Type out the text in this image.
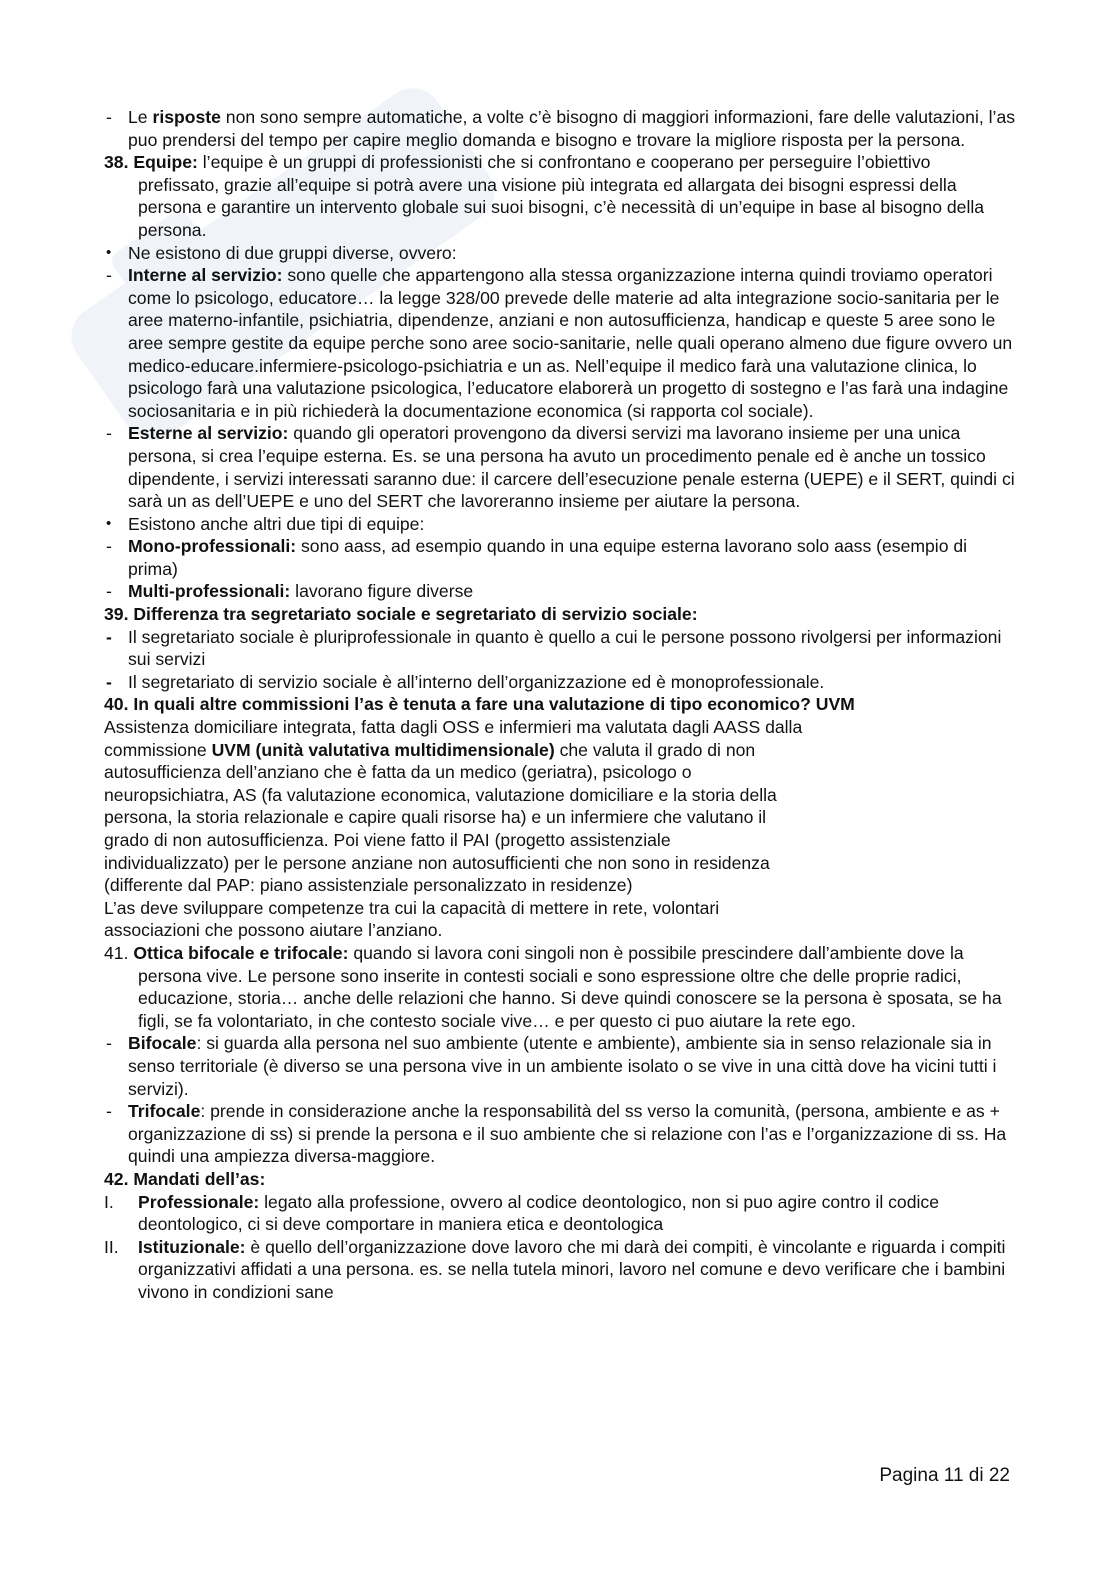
- Le risposte non sono sempre automatiche, a volte c’è bisogno di maggiori informazioni, fare delle valutazioni, l’as puo prendersi del tempo per capire meglio domanda e bisogno e trovare la migliore risposta per la persona.

38. Equipe: l’equipe è un gruppi di professionisti che si confrontano e cooperano per perseguire l’obiettivo prefissato, grazie all’equipe si potrà avere una visione più integrata ed allargata dei bisogni espressi della persona e garantire un intervento globale sui suoi bisogni, c’è necessità di un’equipe in base al bisogno della persona.

• Ne esistono di due gruppi diverse, ovvero:

- Interne al servizio: sono quelle che appartengono alla stessa organizzazione interna quindi troviamo operatori come lo psicologo, educatore… la legge 328/00 prevede delle materie ad alta integrazione socio-sanitaria per le aree materno-infantile, psichiatria, dipendenze, anziani e non autosufficienza, handicap e queste 5 aree sono le aree sempre gestite da equipe perche sono aree socio-sanitarie, nelle quali operano almeno due figure ovvero un medico-educare.infermiere-psicologo-psichiatria e un as. Nell’equipe il medico farà una valutazione clinica, lo psicologo farà una valutazione psicologica, l’educatore elaborerà un progetto di sostegno e l’as farà una indagine sociosanitaria e in più richiederà la documentazione economica (si rapporta col sociale).

- Esterne al servizio: quando gli operatori provengono da diversi servizi ma lavorano insieme per una unica persona, si crea l’equipe esterna. Es. se una persona ha avuto un procedimento penale ed è anche un tossico dipendente, i servizi interessati saranno due: il carcere dell’esecuzione penale esterna (UEPE) e il SERT, quindi ci sarà un as dell’UEPE e uno del SERT che lavoreranno insieme per aiutare la persona.

• Esistono anche altri due tipi di equipe:

- Mono-professionali: sono aass, ad esempio quando in una equipe esterna lavorano solo aass (esempio di prima)

- Multi-professionali: lavorano figure diverse

39. Differenza tra segretariato sociale e segretariato di servizio sociale:

- Il segretariato sociale è pluriprofessionale in quanto è quello a cui le persone possono rivolgersi per informazioni sui servizi

- Il segretariato di servizio sociale è all’interno dell’organizzazione ed è monoprofessionale.

40. In quali altre commissioni l’as è tenuta a fare una valutazione di tipo economico? UVM

Assistenza domiciliare integrata, fatta dagli OSS e infermieri ma valutata dagli AASS dalla
commissione UVM (unità valutativa multidimensionale) che valuta il grado di non
autosufficienza dell’anziano che è fatta da un medico (geriatra), psicologo o
neuropsichiatra, AS (fa valutazione economica, valutazione domiciliare e la storia della
persona, la storia relazionale e capire quali risorse ha) e un infermiere che valutano il
grado di non autosufficienza. Poi viene fatto il PAI (progetto assistenziale
individualizzato) per le persone anziane non autosufficienti che non sono in residenza
(differente dal PAP: piano assistenziale personalizzato in residenze)
L’as deve sviluppare competenze tra cui la capacità di mettere in rete, volontari
associazioni che possono aiutare l’anziano.

41. Ottica bifocale e trifocale: quando si lavora coni singoli non è possibile prescindere dall’ambiente dove la persona vive. Le persone sono inserite in contesti sociali e sono espressione oltre che delle proprie radici, educazione, storia… anche delle relazioni che hanno. Si deve quindi conoscere se la persona è sposata, se ha figli, se fa volontariato, in che contesto sociale vive… e per questo ci puo aiutare la rete ego.

- Bifocale: si guarda alla persona nel suo ambiente (utente e ambiente), ambiente sia in senso relazionale sia in senso territoriale (è diverso se una persona vive in un ambiente isolato o se vive in una città dove ha vicini tutti i servizi).

- Trifocale: prende in considerazione anche la responsabilità del ss verso la comunità, (persona, ambiente e as + organizzazione di ss) si prende la persona e il suo ambiente che si relazione con l’as e l’organizzazione di ss. Ha quindi una ampiezza diversa-maggiore.

42. Mandati dell’as:

I.	Professionale: legato alla professione, ovvero al codice deontologico, non si puo agire contro il codice deontologico, ci si deve comportare in maniera etica e deontologica

II.	Istituzionale: è quello dell’organizzazione dove lavoro che mi darà dei compiti, è vincolante e riguarda i compiti organizzativi affidati a una persona. es. se nella tutela minori, lavoro nel comune e devo verificare che i bambini vivono in condizioni sane

Pagina 11 di 22
